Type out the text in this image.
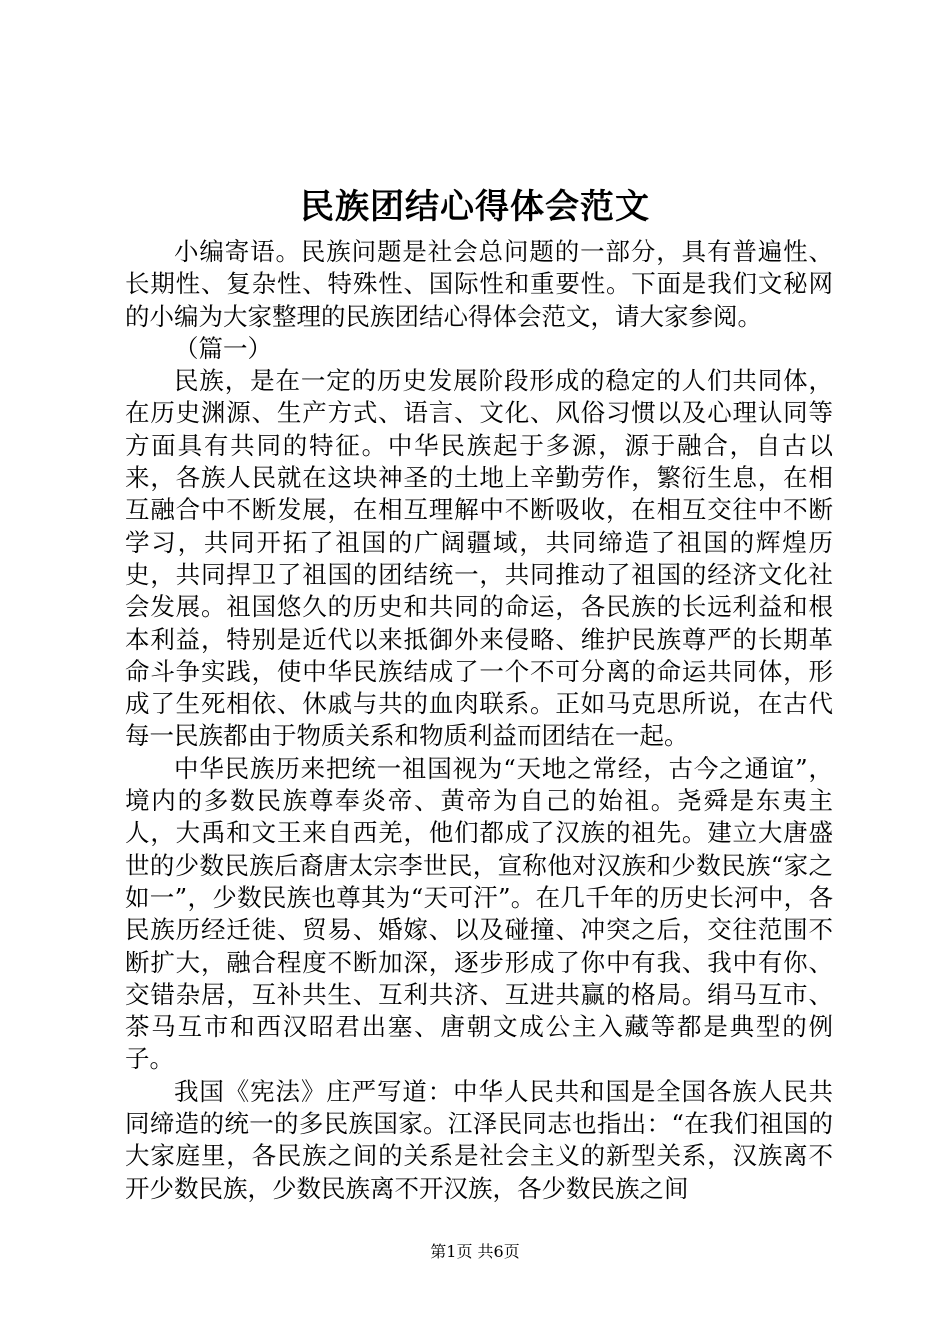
民族团结心得体会范文

小编寄语。民族问题是社会总问题的一部分，具有普遍性、长期性、复杂性、特殊性、国际性和重要性。下面是我们文秘网的小编为大家整理的民族团结心得体会范文，请大家参阅。

（篇一）

民族，是在一定的历史发展阶段形成的稳定的人们共同体，在历史渊源、生产方式、语言、文化、风俗习惯以及心理认同等方面具有共同的特征。中华民族起于多源，源于融合，自古以来，各族人民就在这块神圣的土地上辛勤劳作，繁衍生息，在相互融合中不断发展，在相互理解中不断吸收，在相互交往中不断学习，共同开拓了祖国的广阔疆域，共同缔造了祖国的辉煌历史，共同捍卫了祖国的团结统一，共同推动了祖国的经济文化社会发展。祖国悠久的历史和共同的命运，各民族的长远利益和根本利益，特别是近代以来抵御外来侵略、维护民族尊严的长期革命斗争实践，使中华民族结成了一个不可分离的命运共同体，形成了生死相依、休戚与共的血肉联系。正如马克思所说，在古代每一民族都由于物质关系和物质利益而团结在一起。

中华民族历来把统一祖国视为“天地之常经，古今之通谊”，境内的多数民族尊奉炎帝、黄帝为自己的始祖。尧舜是东夷主人，大禹和文王来自西羌，他们都成了汉族的祖先。建立大唐盛世的少数民族后裔唐太宗李世民，宣称他对汉族和少数民族“家之如一”，少数民族也尊其为“天可汗”。在几千年的历史长河中，各民族历经迁徙、贸易、婚嫁、以及碰撞、冲突之后，交往范围不断扩大，融合程度不断加深，逐步形成了你中有我、我中有你、交错杂居，互补共生、互利共济、互进共赢的格局。绢马互市、茶马互市和西汉昭君出塞、唐朝文成公主入藏等都是典型的例子。

我国《宪法》庄严写道：中华人民共和国是全国各族人民共同缔造的统一的多民族国家。江泽民同志也指出：“在我们祖国的大家庭里，各民族之间的关系是社会主义的新型关系，汉族离不开少数民族，少数民族离不开汉族，各少数民族之间

第1页 共6页
